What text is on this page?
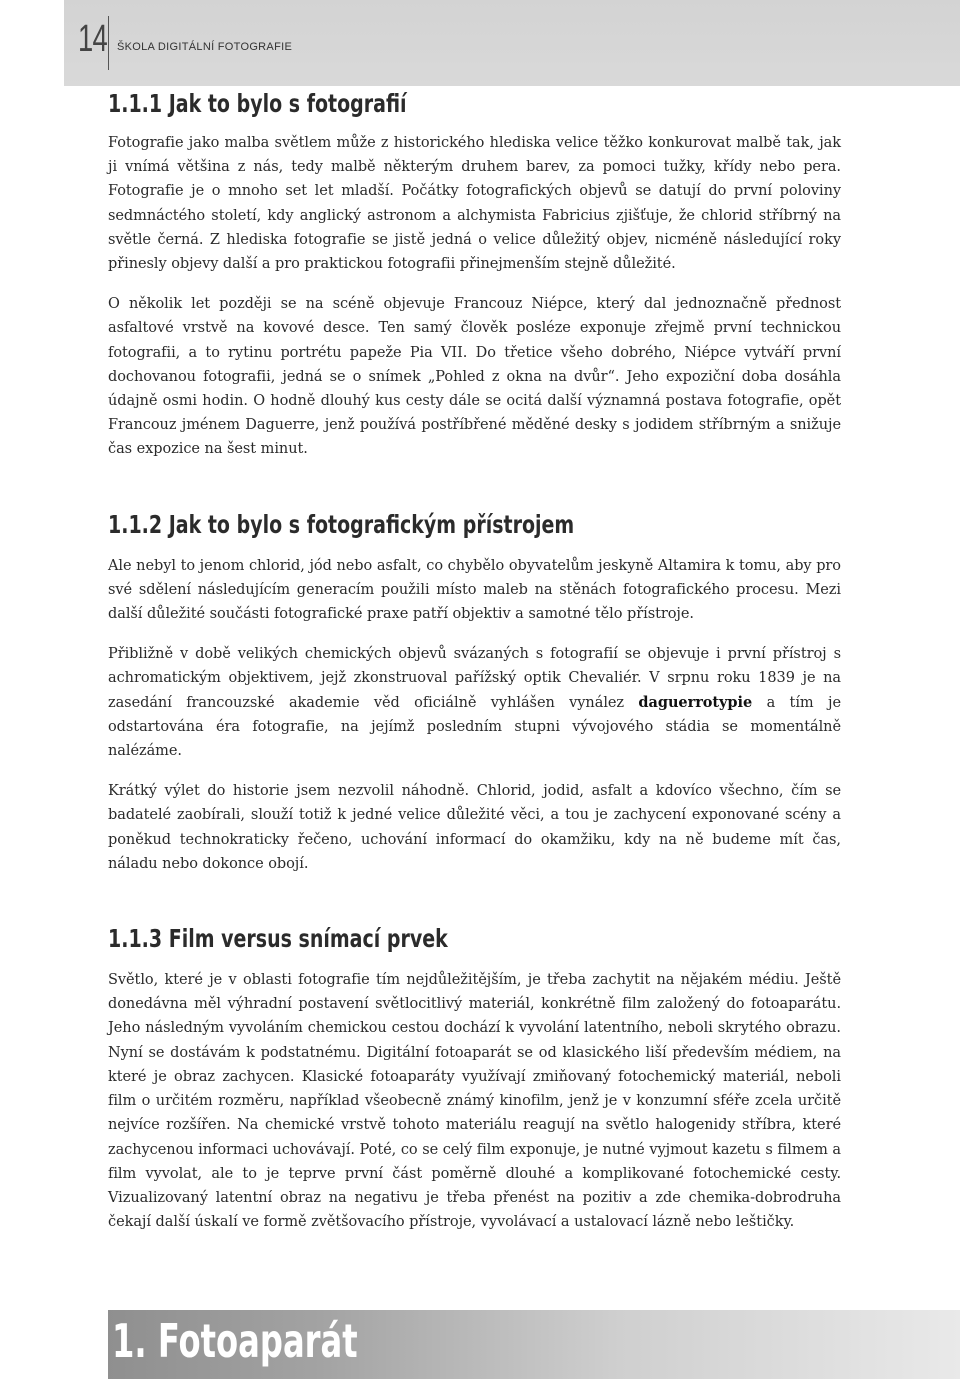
14 ŠKOLA DIGITÁLNÍ FOTOGRAFIE
1.1.1 Jak to bylo s fotografií

Fotografie jako malba světlem může z historického hlediska velice těžko konkurovat malbě tak, jak ji vnímá většina z nás, tedy malbě některým druhem barev, za pomoci tužky, křídy nebo pera. Fotografie je o mnoho set let mladší. Počátky fotografických objevů se datují do první poloviny sedmnáctého století, kdy anglický astronom a alchymista Fabricius zjišťuje, že chlorid stříbrný na světle černá. Z hlediska fotografie se jistě jedná o velice důležitý objev, nicméně následující roky přinesly objevy další a pro praktickou fotografii přinejmenším stejně důležité.

O několik let později se na scéně objevuje Francouz Niépce, který dal jednoznačně přednost asfaltové vrstvě na kovové desce. Ten samý člověk posléze exponuje zřejmě první technickou fotografii, a to rytinu portrétu papeže Pia VII. Do třetice všeho dobrého, Niépce vytváří první dochovanou fotografii, jedná se o snímek „Pohled z okna na dvůr“. Jeho expoziční doba dosáhla údajně osmi hodin. O hodně dlouhý kus cesty dále se ocitá další významná postava fotografie, opět Francouz jménem Daguerre, jenž používá postříbřené měděné desky s jodidem stříbrným a snižuje čas expozice na šest minut.

1.1.2 Jak to bylo s fotografickým přístrojem

Ale nebyl to jenom chlorid, jód nebo asfalt, co chybělo obyvatelům jeskyně Altamira k tomu, aby pro své sdělení následujícím generacím použili místo maleb na stěnách fotografického procesu. Mezi další důležité součásti fotografické praxe patří objektiv a samotné tělo přístroje.

Přibližně v době velikých chemických objevů svázaných s fotografií se objevuje i první přístroj s achromatickým objektivem, jejž zkonstruoval pařížský optik Chevaliér. V srpnu roku 1839 je na zasedání francouzské akademie věd oficiálně vyhlášen vynález daguerrotypie a tím je odstartována éra fotografie, na jejímž posledním stupni vývojového stádia se momentálně nalézáme.

Krátký výlet do historie jsem nezvolil náhodně. Chlorid, jodid, asfalt a kdovíco všechno, čím se badatelé zaobírali, slouží totiž k jedné velice důležité věci, a tou je zachycení exponované scény a poněkud technokraticky řečeno, uchování informací do okamžiku, kdy na ně budeme mít čas, náladu nebo dokonce obojí.

1.1.3 Film versus snímací prvek

Světlo, které je v oblasti fotografie tím nejdůležitějším, je třeba zachytit na nějakém médiu. Ještě donedávna měl výhradní postavení světlocitlivý materiál, konkrétně film založený do fotoaparátu. Jeho následným vyvoláním chemickou cestou dochází k vyvolání latentního, neboli skrytého obrazu. Nyní se dostávám k podstatnému. Digitální fotoaparát se od klasického liší především médiem, na které je obraz zachycen. Klasické fotoaparáty využívají zmiňovaný fotochemický materiál, neboli film o určitém rozměru, například všeobecně známý kinofilm, jenž je v konzumní sféře zcela určitě nejvíce rozšířen. Na chemické vrstvě tohoto materiálu reagují na světlo halogenidy stříbra, které zachycenou informaci uchovávají. Poté, co se celý film exponuje, je nutné vyjmout kazetu s filmem a film vyvolat, ale to je teprve první část poměrně dlouhé a komplikované fotochemické cesty. Vizualizovaný latentní obraz na negativu je třeba přenést na pozitiv a zde chemika-dobrodruha čekají další úskalí ve formě zvětšovacího přístroje, vyvolávací a ustalovací lázně nebo leštičky.

1. Fotoaparát
